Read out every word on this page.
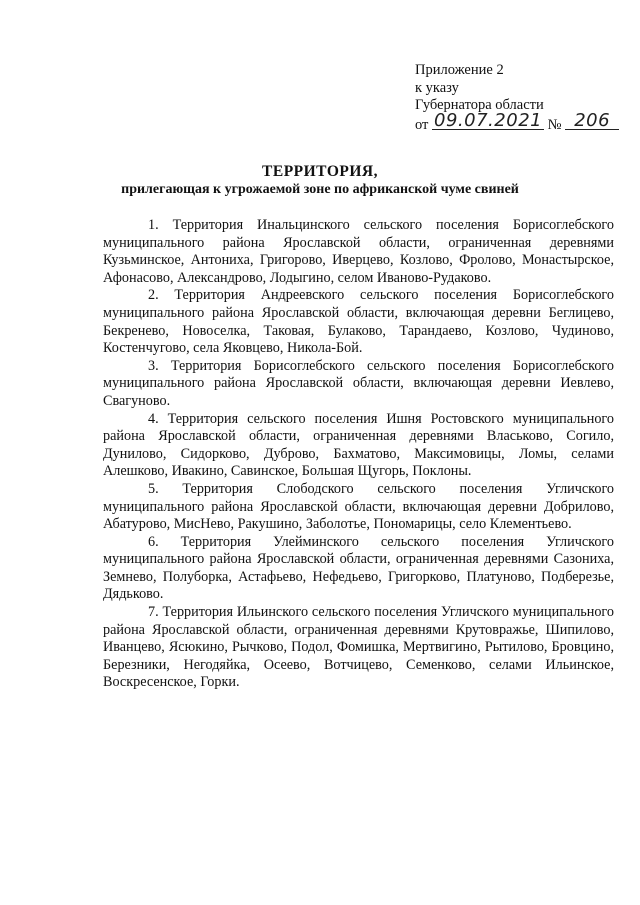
Приложение 2
к указу
Губернатора области
от 09.07.2021 № 206
ТЕРРИТОРИЯ,
прилегающая к угрожаемой зоне по африканской чуме свиней

1. Территория Инальцинского сельского поселения Борисоглебского муниципального района Ярославской области, ограниченная деревнями Кузьминское, Антониха, Григорово, Иверцево, Козлово, Фролово, Монастырское, Афонасово, Александрово, Лодыгино, селом Иваново-Рудаково.

2. Территория Андреевского сельского поселения Борисоглебского муниципального района Ярославской области, включающая деревни Беглицево, Бекренево, Новоселка, Таковая, Булаково, Тарандаево, Козлово, Чудиново, Костенчугово, села Яковцево, Никола-Бой.

3. Территория Борисоглебского сельского поселения Борисоглебского муниципального района Ярославской области, включающая деревни Иевлево, Свагуново.

4. Территория сельского поселения Ишня Ростовского муниципального района Ярославской области, ограниченная деревнями Власьково, Согило, Дунилово, Сидорково, Дуброво, Бахматово, Максимовицы, Ломы, селами Алешково, Ивакино, Савинское, Большая Щугорь, Поклоны.

5. Территория Слободского сельского поселения Угличского муниципального района Ярославской области, включающая деревни Добрилово, Абатурово, МисНево, Ракушино, Заболотье, Пономарицы, село Клементьево.

6. Территория Улейминского сельского поселения Угличского муниципального района Ярославской области, ограниченная деревнями Сазониха, Земнево, Полуборка, Астафьево, Нефедьево, Григорково, Платуново, Подберезье, Дядьково.

7. Территория Ильинского сельского поселения Угличского муниципального района Ярославской области, ограниченная деревнями Крутовражье, Шипилово, Иванцево, Ясюкино, Рычково, Подол, Фомишка, Мертвигино, Рытилово, Бровцино, Березники, Негодяйка, Осеево, Вотчицево, Семенково, селами Ильинское, Воскресенское, Горки.
